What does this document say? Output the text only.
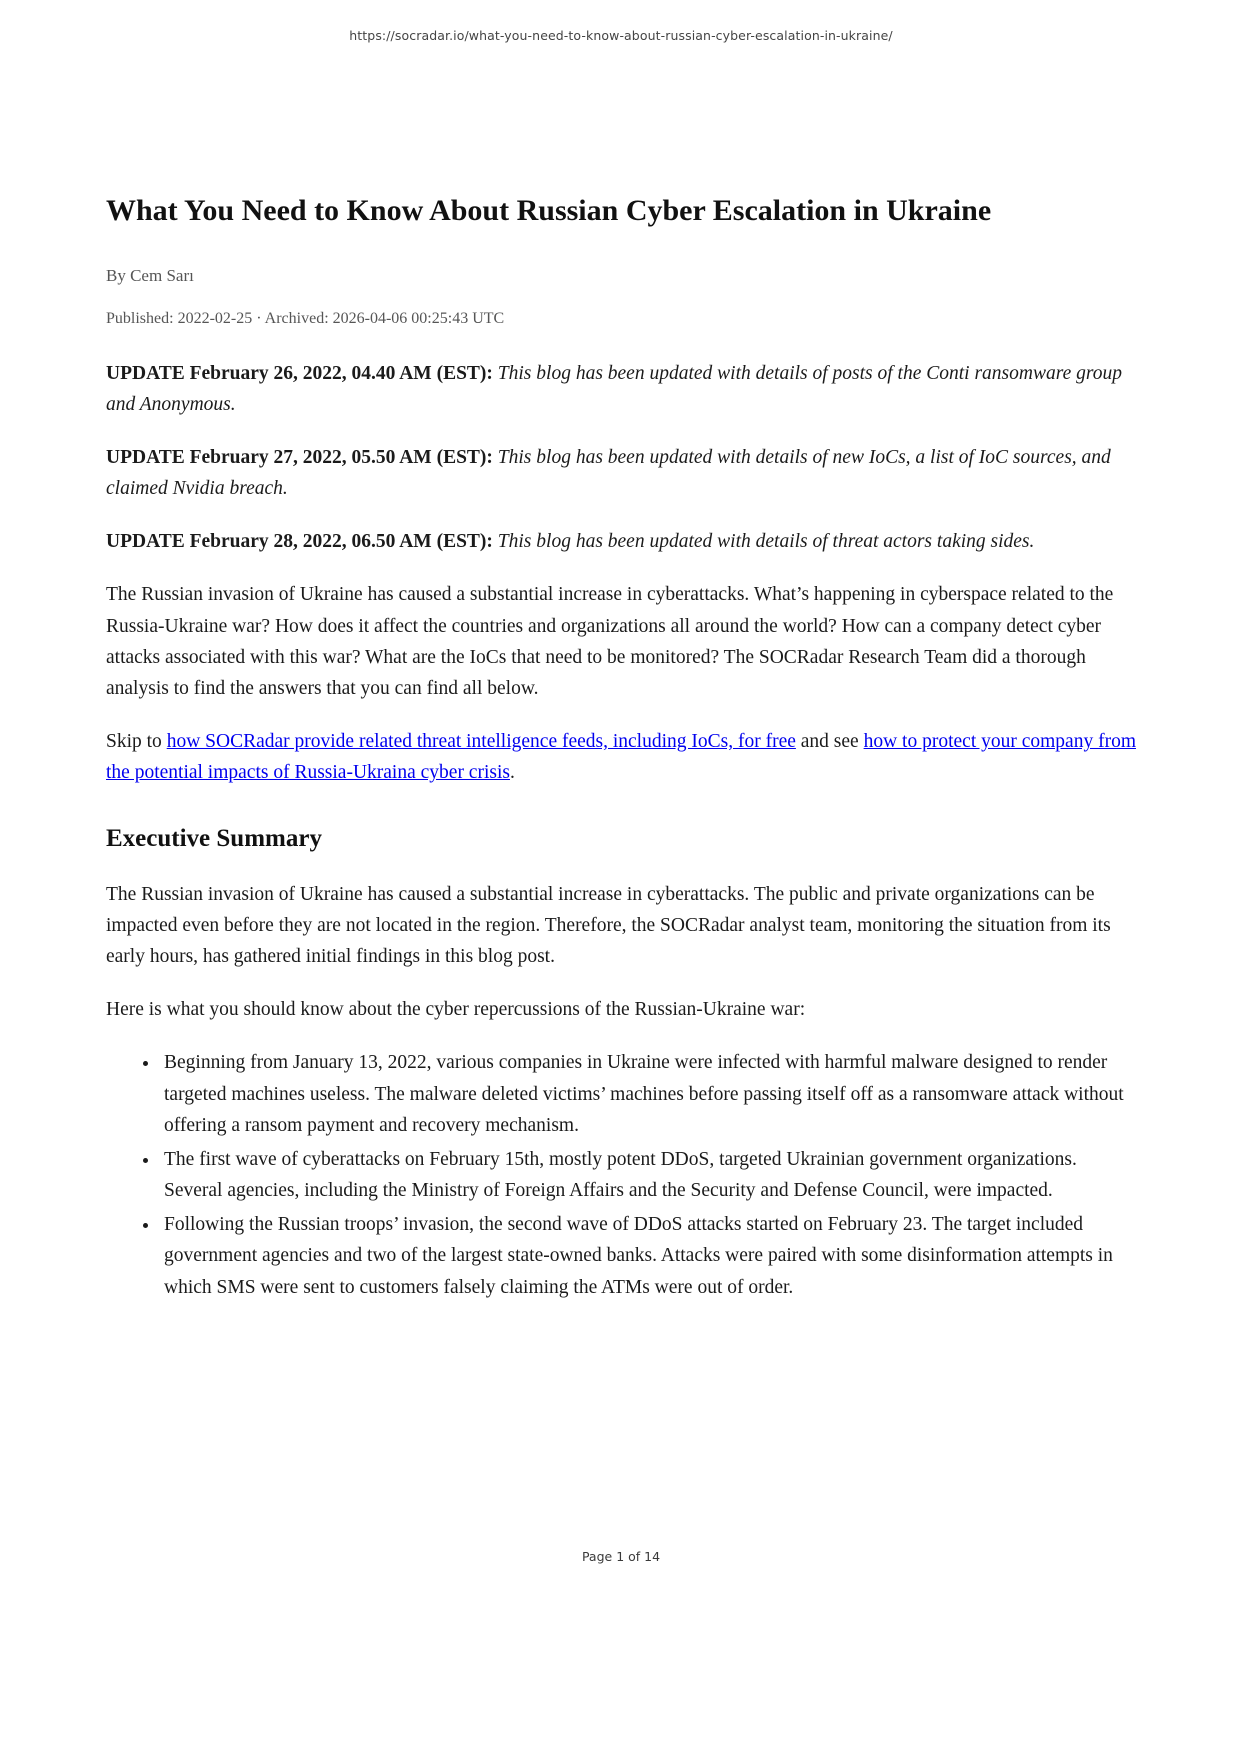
https://socradar.io/what-you-need-to-know-about-russian-cyber-escalation-in-ukraine/
What You Need to Know About Russian Cyber Escalation in Ukraine
By Cem Sarı
Published: 2022-02-25 · Archived: 2026-04-06 00:25:43 UTC

UPDATE February 26, 2022, 04.40 AM (EST): This blog has been updated with details of posts of the Conti ransomware group and Anonymous.

UPDATE February 27, 2022, 05.50 AM (EST): This blog has been updated with details of new IoCs, a list of IoC sources, and claimed Nvidia breach.

UPDATE February 28, 2022, 06.50 AM (EST): This blog has been updated with details of threat actors taking sides.

The Russian invasion of Ukraine has caused a substantial increase in cyberattacks. What’s happening in cyberspace related to the Russia-Ukraine war? How does it affect the countries and organizations all around the world? How can a company detect cyber attacks associated with this war? What are the IoCs that need to be monitored? The SOCRadar Research Team did a thorough analysis to find the answers that you can find all below.

Skip to how SOCRadar provide related threat intelligence feeds, including IoCs, for free and see how to protect your company from the potential impacts of Russia-Ukraina cyber crisis.

Executive Summary

The Russian invasion of Ukraine has caused a substantial increase in cyberattacks. The public and private organizations can be impacted even before they are not located in the region. Therefore, the SOCRadar analyst team, monitoring the situation from its early hours, has gathered initial findings in this blog post.

Here is what you should know about the cyber repercussions of the Russian-Ukraine war:

• Beginning from January 13, 2022, various companies in Ukraine were infected with harmful malware designed to render targeted machines useless. The malware deleted victims’ machines before passing itself off as a ransomware attack without offering a ransom payment and recovery mechanism.
• The first wave of cyberattacks on February 15th, mostly potent DDoS, targeted Ukrainian government organizations. Several agencies, including the Ministry of Foreign Affairs and the Security and Defense Council, were impacted.
• Following the Russian troops’ invasion, the second wave of DDoS attacks started on February 23. The target included government agencies and two of the largest state-owned banks. Attacks were paired with some disinformation attempts in which SMS were sent to customers falsely claiming the ATMs were out of order.
Page 1 of 14
